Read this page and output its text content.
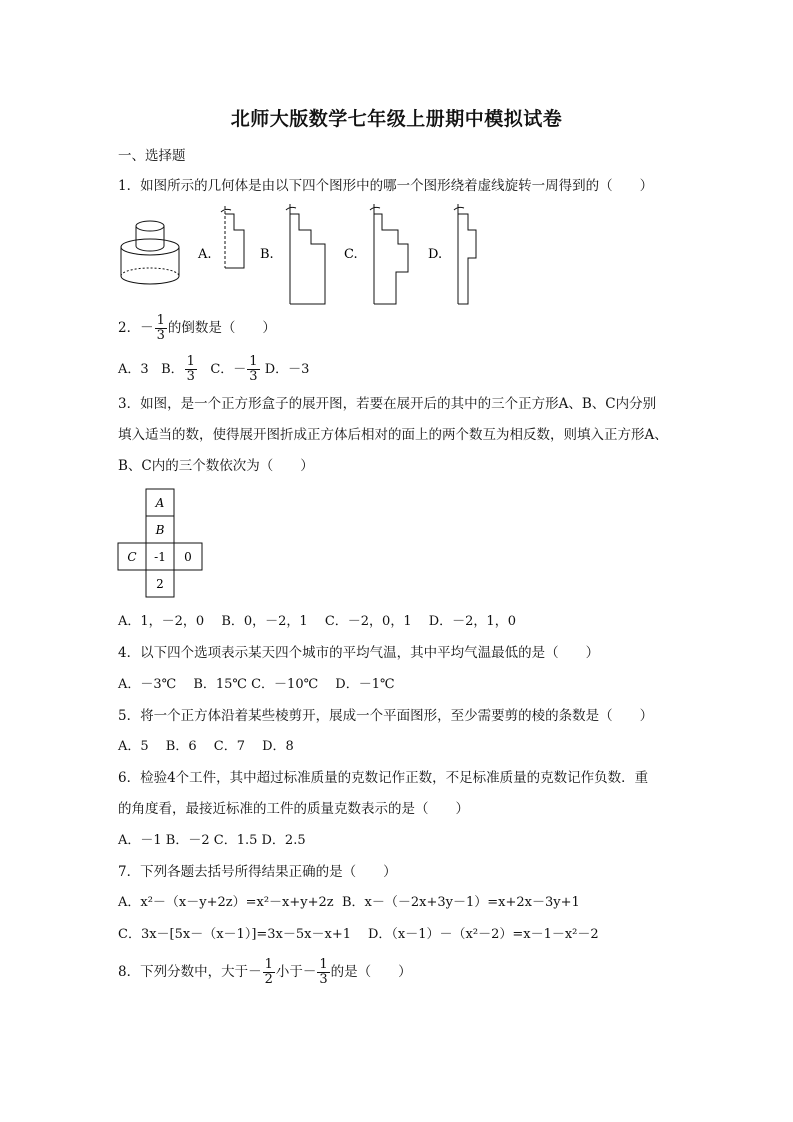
北师大版数学七年级上册期中模拟试卷
一、选择题
1．如图所示的几何体是由以下四个图形中的哪一个图形绕着虚线旋转一周得到的（　　）
A.	B.	C.	D.
2．－ $\frac{1}{3}$ 的倒数是（　　）
A．3 B． $\frac{1}{3}$ C．－ $\frac{1}{3}$ D．－3
3．如图，是一个正方形盒子的展开图，若要在展开后的其中的三个正方形A、B、C内分别
填入适当的数，使得展开图折成正方体后相对的面上的两个数互为相反数，则填入正方形A、
B、C内的三个数依次为（　　）
A
B
C -1 0
2
A．1，－2，0　 B．0，－2，1　 C．－2，0，1　 D．－2，1，0
4．以下四个选项表示某天四个城市的平均气温，其中平均气温最低的是（　　）
A．－3℃　 B．15℃ C．－10℃　 D．－1℃
5．将一个正方体沿着某些棱剪开，展成一个平面图形，至少需要剪的棱的条数是（　　）
A．5　 B．6　 C．7　 D．8
6．检验4个工件，其中超过标准质量的克数记作正数，不足标准质量的克数记作负数．重
的角度看，最接近标准的工件的质量克数表示的是（　　）
A．－1 B．－2 C．1.5 D．2.5
7．下列各题去括号所得结果正确的是（　　）
A．x²－（x－y+2z）=x²－x+y+2z B．x－（－2x+3y－1）=x+2x－3y+1
C．3x－[5x－（x－1）]=3x－5x－x+1 D．（x－1）－（x²－2）=x－1－x²－2
8．下列分数中，大于－ $\frac{1}{2}$ 小于－ $\frac{1}{3}$ 的是（　　）
